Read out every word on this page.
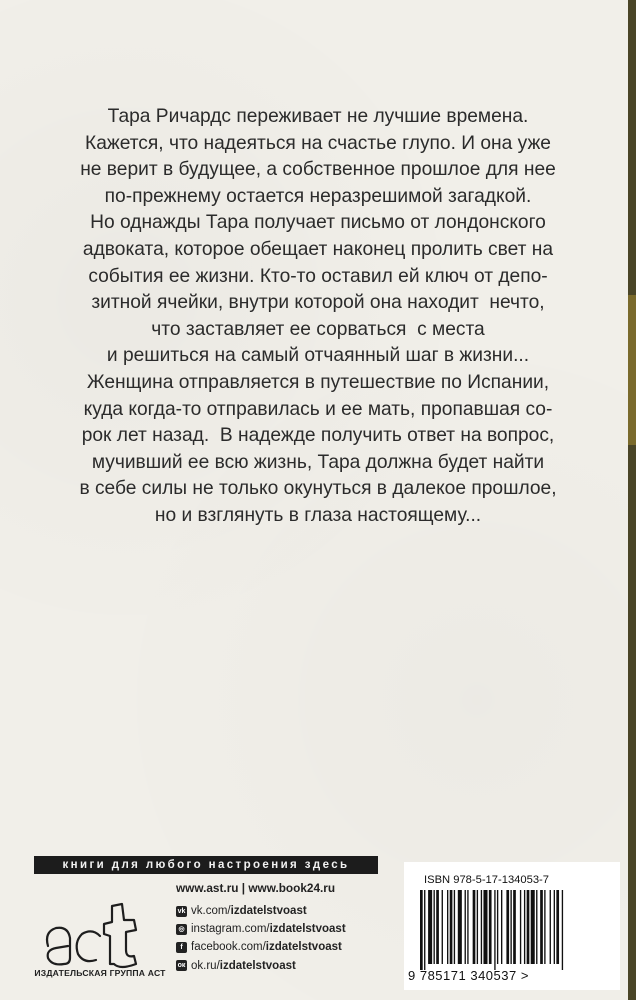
Тара Ричардс переживает не лучшие времена.
Кажется, что надеяться на счастье глупо. И она уже
не верит в будущее, а собственное прошлое для нее
по-прежнему остается неразрешимой загадкой.
Но однажды Тара получает письмо от лондонского
адвоката, которое обещает наконец пролить свет на
события ее жизни. Кто-то оставил ей ключ от депо-
зитной ячейки, внутри которой она находит  нечто,
что заставляет ее сорваться  с места
и решиться на самый отчаянный шаг в жизни...
Женщина отправляется в путешествие по Испании,
куда когда-то отправилась и ее мать, пропавшая со-
рок лет назад.  В надежде получить ответ на вопрос,
мучивший ее всю жизнь, Тара должна будет найти
в себе силы не только окунуться в далекое прошлое,
но и взглянуть в глаза настоящему...
книги для любого настроения здесь
ИЗДАТЕЛЬСКАЯ ГРУППА АСТ
www.ast.ru | www.book24.ru
vk vk.com/ izdatelstvoast
◎ instagram.com/ izdatelstvoast
f facebook.com/ izdatelstvoast
ок ok.ru/ izdatelstvoast
ISBN 978-5-17-134053-7
9 785171 340537 >
